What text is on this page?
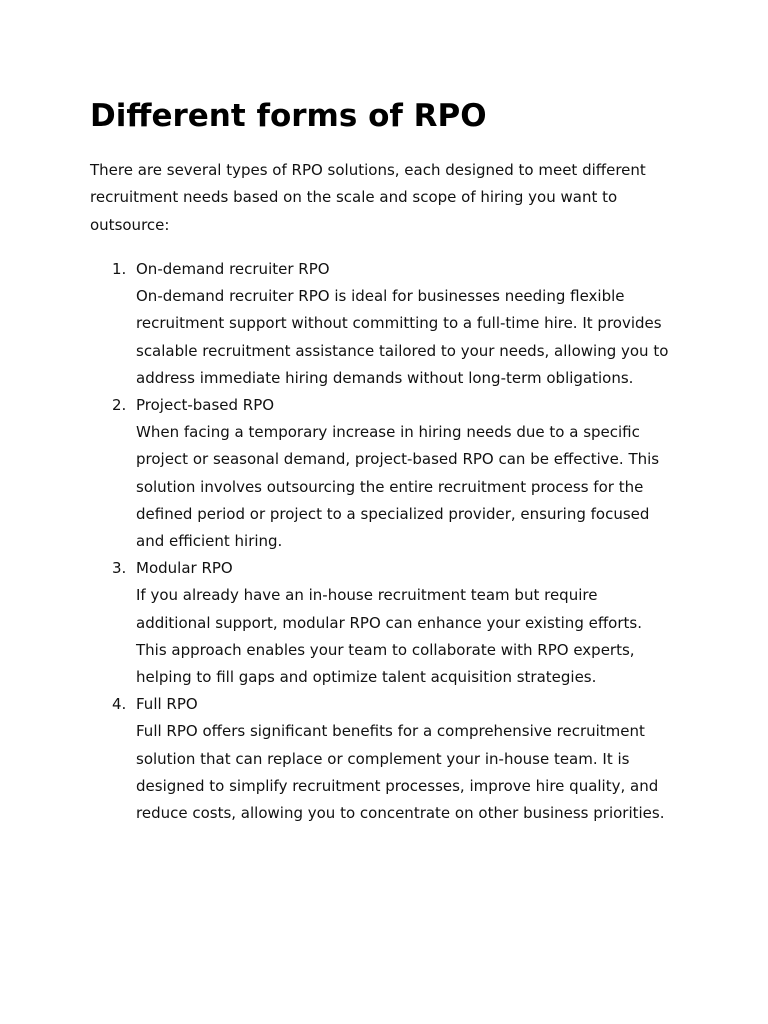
Different forms of RPO

There are several types of RPO solutions, each designed to meet different recruitment needs based on the scale and scope of hiring you want to outsource:

1. On-demand recruiter RPO
On-demand recruiter RPO is ideal for businesses needing flexible recruitment support without committing to a full-time hire. It provides scalable recruitment assistance tailored to your needs, allowing you to address immediate hiring demands without long-term obligations.
2. Project-based RPO
When facing a temporary increase in hiring needs due to a specific project or seasonal demand, project-based RPO can be effective. This solution involves outsourcing the entire recruitment process for the defined period or project to a specialized provider, ensuring focused and efficient hiring.
3. Modular RPO
If you already have an in-house recruitment team but require additional support, modular RPO can enhance your existing efforts. This approach enables your team to collaborate with RPO experts, helping to fill gaps and optimize talent acquisition strategies.
4. Full RPO
Full RPO offers significant benefits for a comprehensive recruitment solution that can replace or complement your in-house team. It is designed to simplify recruitment processes, improve hire quality, and reduce costs, allowing you to concentrate on other business priorities.
